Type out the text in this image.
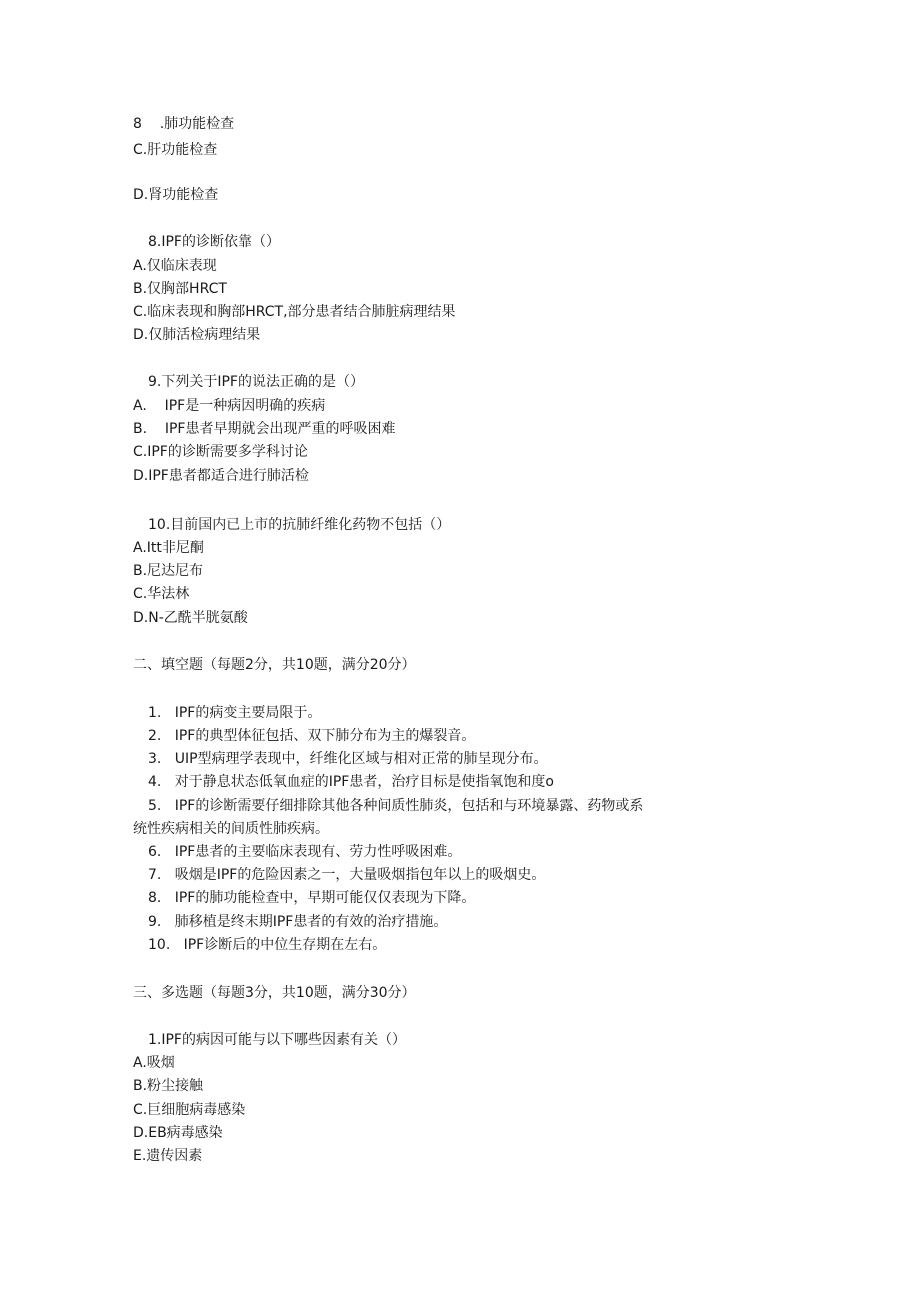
8    .肺功能检查
C.肝功能检查
D.肾功能检查
8.IPF的诊断依靠（）
A.仅临床表现
B.仅胸部HRCT
C.临床表现和胸部HRCT,部分患者结合肺脏病理结果
D.仅肺活检病理结果
9.下列关于IPF的说法正确的是（）
A.    IPF是一种病因明确的疾病
B.    IPF患者早期就会出现严重的呼吸困难
C.IPF的诊断需要多学科讨论
D.IPF患者都适合进行肺活检
10.目前国内已上市的抗肺纤维化药物不包括（）
A.Itt非尼酮
B.尼达尼布
C.华法林
D.N-乙酰半胱氨酸
二、填空题（每题2分，共10题，满分20分）
1.   IPF的病变主要局限于。
2.   IPF的典型体征包括、双下肺分布为主的爆裂音。
3.   UIP型病理学表现中，纤维化区域与相对正常的肺呈现分布。
4.   对于静息状态低氧血症的IPF患者，治疗目标是使指氧饱和度o
5.   IPF的诊断需要仔细排除其他各种间质性肺炎，包括和与环境暴露、药物或系
统性疾病相关的间质性肺疾病。
6.   IPF患者的主要临床表现有、劳力性呼吸困难。
7.   吸烟是IPF的危险因素之一，大量吸烟指包年以上的吸烟史。
8.   IPF的肺功能检查中，早期可能仅仅表现为下降。
9.   肺移植是终末期IPF患者的有效的治疗措施。
10.   IPF诊断后的中位生存期在左右。
三、多选题（每题3分，共10题，满分30分）
1.IPF的病因可能与以下哪些因素有关（）
A.吸烟
B.粉尘接触
C.巨细胞病毒感染
D.EB病毒感染
E.遗传因素
